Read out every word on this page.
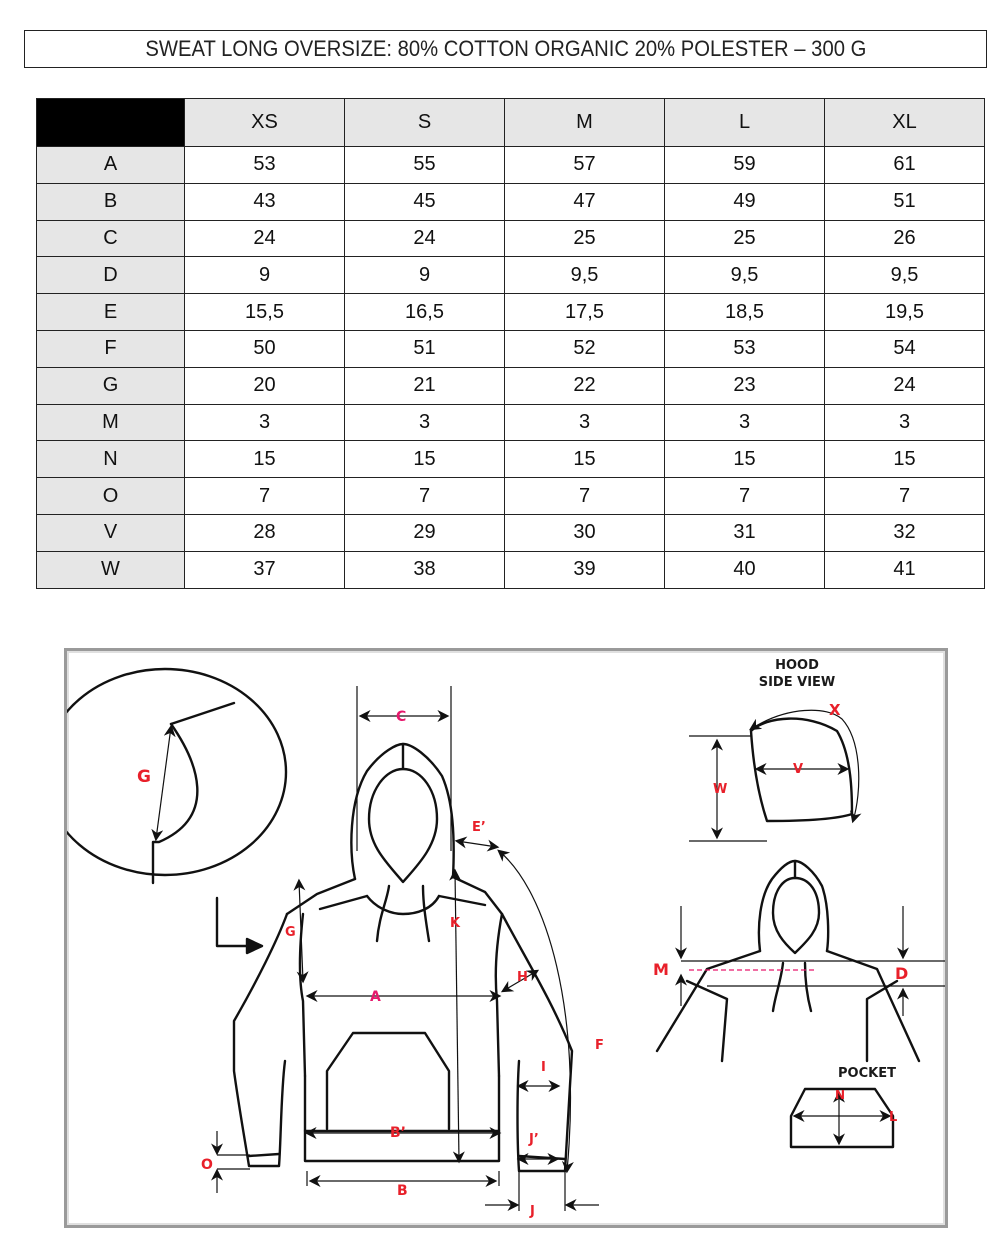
SWEAT LONG OVERSIZE: 80% COTTON ORGANIC 20% POLESTER – 300 G
	XS	S	M	L	XL
A	53	55	57	59	61
B	43	45	47	49	51
C	24	24	25	25	26
D	9	9	9,5	9,5	9,5
E	15,5	16,5	17,5	18,5	19,5
F	50	51	52	53	54
G	20	21	22	23	24
M	3	3	3	3	3
N	15	15	15	15	15
O	7	7	7	7	7
V	28	29	30	31	32
W	37	38	39	40	41
G
G
C
E’
K
A
H
F
I
B’	J’
B
J
O
X
V
W
M	D
N
L
HOOD
SIDE VIEW
POCKET
